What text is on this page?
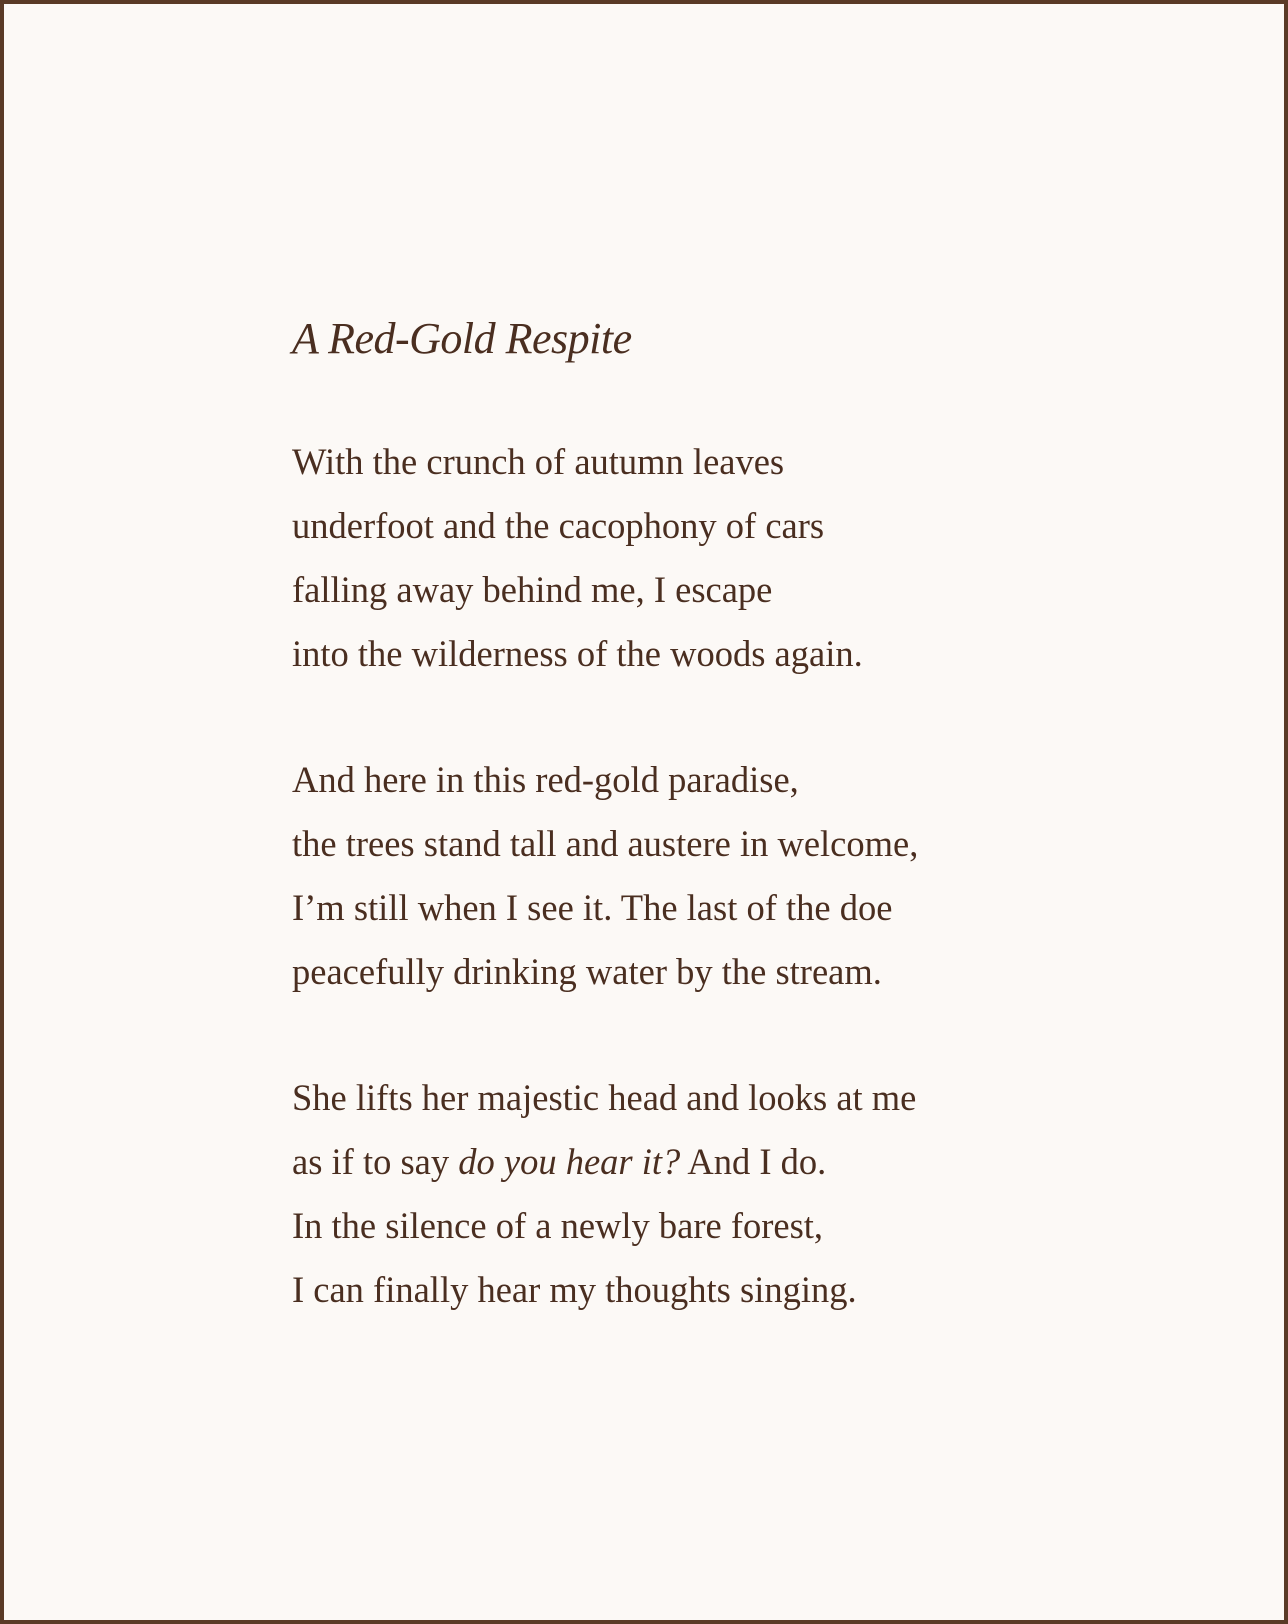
A Red-Gold Respite
With the crunch of autumn leaves
underfoot and the cacophony of cars
falling away behind me, I escape
into the wilderness of the woods again.
And here in this red-gold paradise,
the trees stand tall and austere in welcome,
I’m still when I see it. The last of the doe
peacefully drinking water by the stream.
She lifts her majestic head and looks at me
as if to say do you hear it? And I do.
In the silence of a newly bare forest,
I can finally hear my thoughts singing.
